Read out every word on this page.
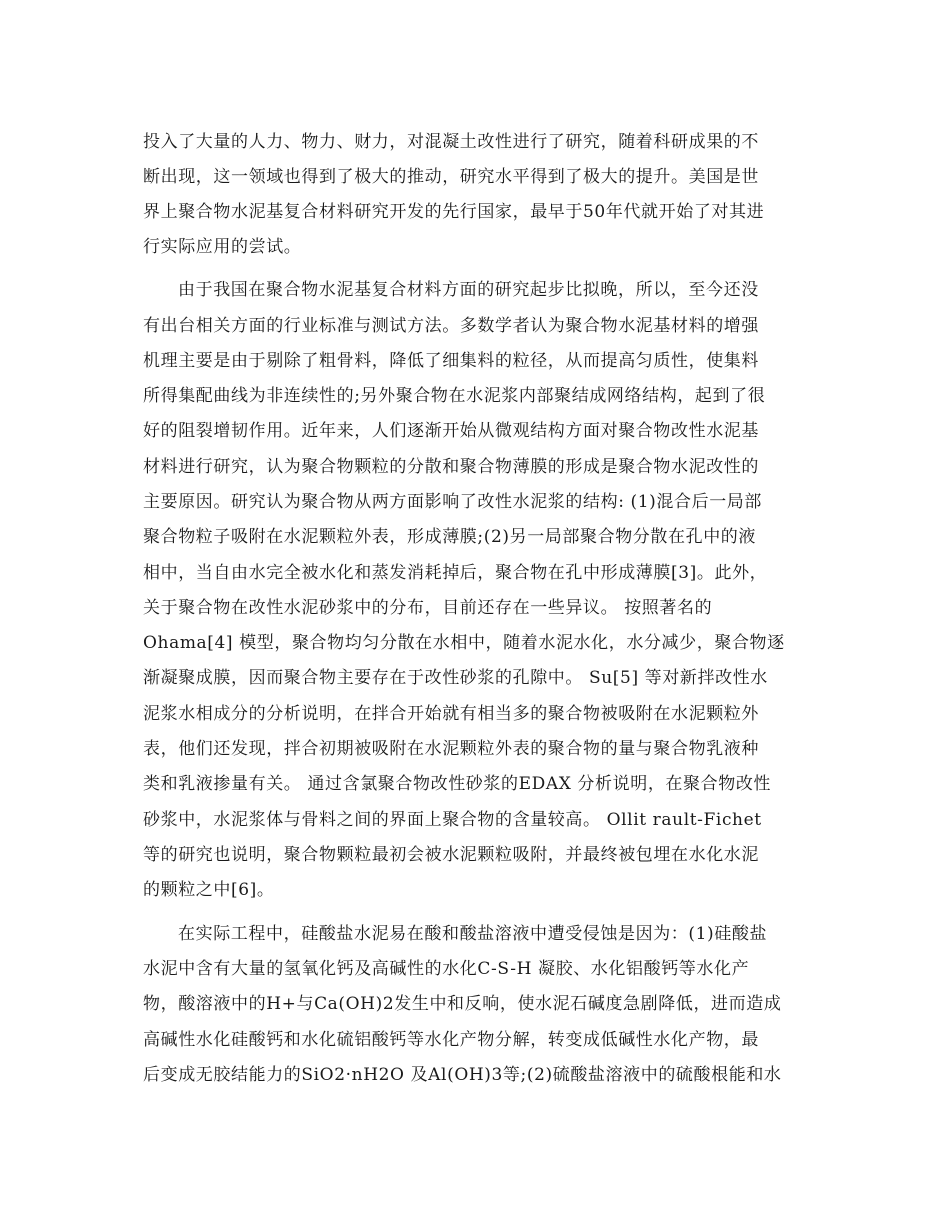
投入了大量的人力、物力、财力，对混凝土改性进行了研究，随着科研成果的不
断出现，这一领域也得到了极大的推动，研究水平得到了极大的提升。美国是世
界上聚合物水泥基复合材料研究开发的先行国家，最早于50年代就开始了对其进
行实际应用的尝试。
由于我国在聚合物水泥基复合材料方面的研究起步比拟晚，所以，至今还没
有出台相关方面的行业标准与测试方法。多数学者认为聚合物水泥基材料的增强
机理主要是由于剔除了粗骨料，降低了细集料的粒径，从而提高匀质性，使集料
所得集配曲线为非连续性的;另外聚合物在水泥浆内部聚结成网络结构，起到了很
好的阻裂增韧作用。近年来，人们逐渐开始从微观结构方面对聚合物改性水泥基
材料进行研究，认为聚合物颗粒的分散和聚合物薄膜的形成是聚合物水泥改性的
主要原因。研究认为聚合物从两方面影响了改性水泥浆的结构: (1)混合后一局部
聚合物粒子吸附在水泥颗粒外表，形成薄膜;(2)另一局部聚合物分散在孔中的液
相中，当自由水完全被水化和蒸发消耗掉后，聚合物在孔中形成薄膜[3]。此外，
关于聚合物在改性水泥砂浆中的分布，目前还存在一些异议。 按照著名的
Ohama[4] 模型，聚合物均匀分散在水相中，随着水泥水化，水分减少，聚合物逐
渐凝聚成膜，因而聚合物主要存在于改性砂浆的孔隙中。 Su[5] 等对新拌改性水
泥浆水相成分的分析说明，在拌合开始就有相当多的聚合物被吸附在水泥颗粒外
表，他们还发现，拌合初期被吸附在水泥颗粒外表的聚合物的量与聚合物乳液种
类和乳液掺量有关。 通过含氯聚合物改性砂浆的EDAX 分析说明，在聚合物改性
砂浆中，水泥浆体与骨料之间的界面上聚合物的含量较高。 Ollit rault-Fichet
等的研究也说明，聚合物颗粒最初会被水泥颗粒吸附，并最终被包埋在水化水泥
的颗粒之中[6]。
在实际工程中，硅酸盐水泥易在酸和酸盐溶液中遭受侵蚀是因为：(1)硅酸盐
水泥中含有大量的氢氧化钙及高碱性的水化C-S-H 凝胶、水化铝酸钙等水化产
物，酸溶液中的H+与Ca(OH)2发生中和反响，使水泥石碱度急剧降低，进而造成
高碱性水化硅酸钙和水化硫铝酸钙等水化产物分解，转变成低碱性水化产物，最
后变成无胶结能力的SiO2·nH2O 及Al(OH)3等;(2)硫酸盐溶液中的硫酸根能和水
